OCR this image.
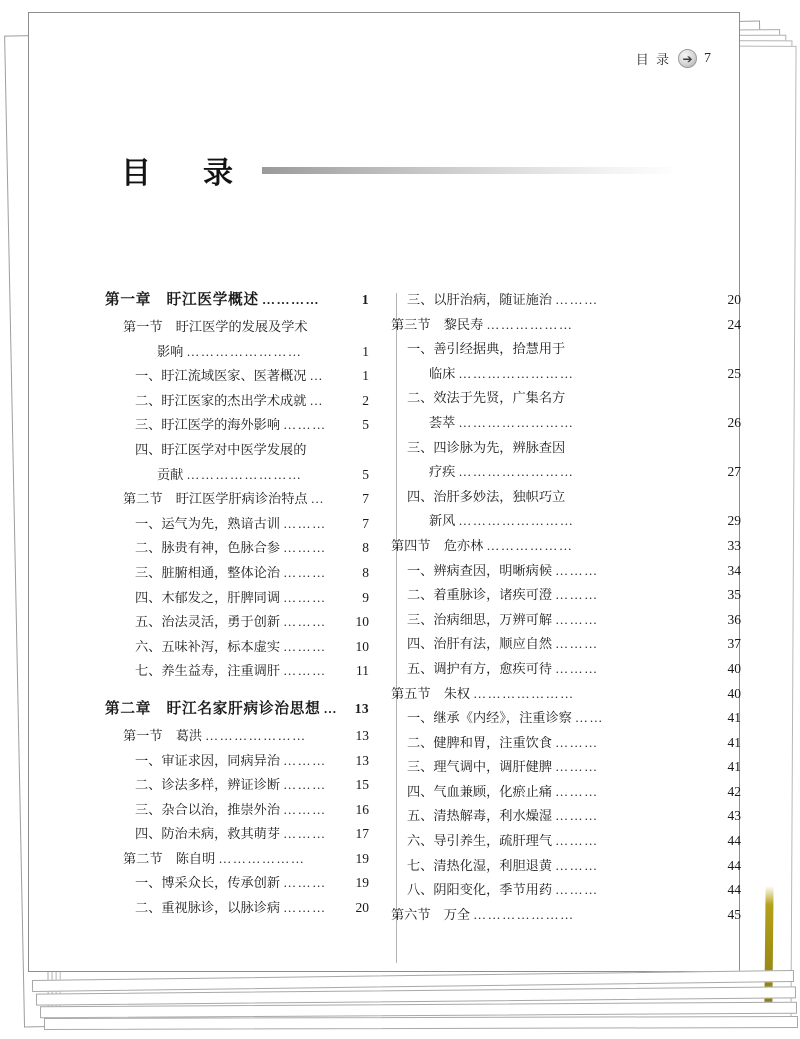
目 录 ➔ 7
目　录
第一章　盱江医学概述 …………	1
第一节　盱江医学的发展及学术
影响 ……………………	1
一、盱江流域医家、医著概况 …	1
二、盱江医家的杰出学术成就 …	2
三、盱江医学的海外影响 ………	5
四、盱江医学对中医学发展的
贡献 ……………………	5
第二节　盱江医学肝病诊治特点 …	7
一、运气为先，熟谙古训 ………	7
二、脉贵有神，色脉合参 ………	8
三、脏腑相通，整体论治 ………	8
四、木郁发之，肝脾同调 ………	9
五、治法灵活，勇于创新 ………	10
六、五味补泻，标本虚实 ………	10
七、养生益寿，注重调肝 ………	11
第二章　盱江名家肝病诊治思想 …	13
第一节　葛洪 …………………	13
一、审证求因，同病异治 ………	13
二、诊法多样，辨证诊断 ………	15
三、杂合以治，推崇外治 ………	16
四、防治未病，救其萌芽 ………	17
第二节　陈自明 ………………	19
一、博采众长，传承创新 ………	19
二、重视脉诊，以脉诊病 ………	20
三、以肝治病，随证施治 ………	20
第三节　黎民寿 ………………	24
一、善引经据典，拾慧用于
临床 ……………………	25
二、效法于先贤，广集名方
荟萃 ……………………	26
三、四诊脉为先，辨脉查因
疗疾 ……………………	27
四、治肝多妙法，独帜巧立
新风 ……………………	29
第四节　危亦林 ………………	33
一、辨病查因，明晰病候 ………	34
二、着重脉诊，诸疾可澄 ………	35
三、治病细思，万辨可解 ………	36
四、治肝有法，顺应自然 ………	37
五、调护有方，愈疾可待 ………	40
第五节　朱权 …………………	40
一、继承《内经》，注重诊察 ……	41
二、健脾和胃，注重饮食 ………	41
三、理气调中，调肝健脾 ………	41
四、气血兼顾，化瘀止痛 ………	42
五、清热解毒，利水燥湿 ………	43
六、导引养生，疏肝理气 ………	44
七、清热化湿，利胆退黄 ………	44
八、阴阳变化，季节用药 ………	44
第六节　万全 …………………	45
